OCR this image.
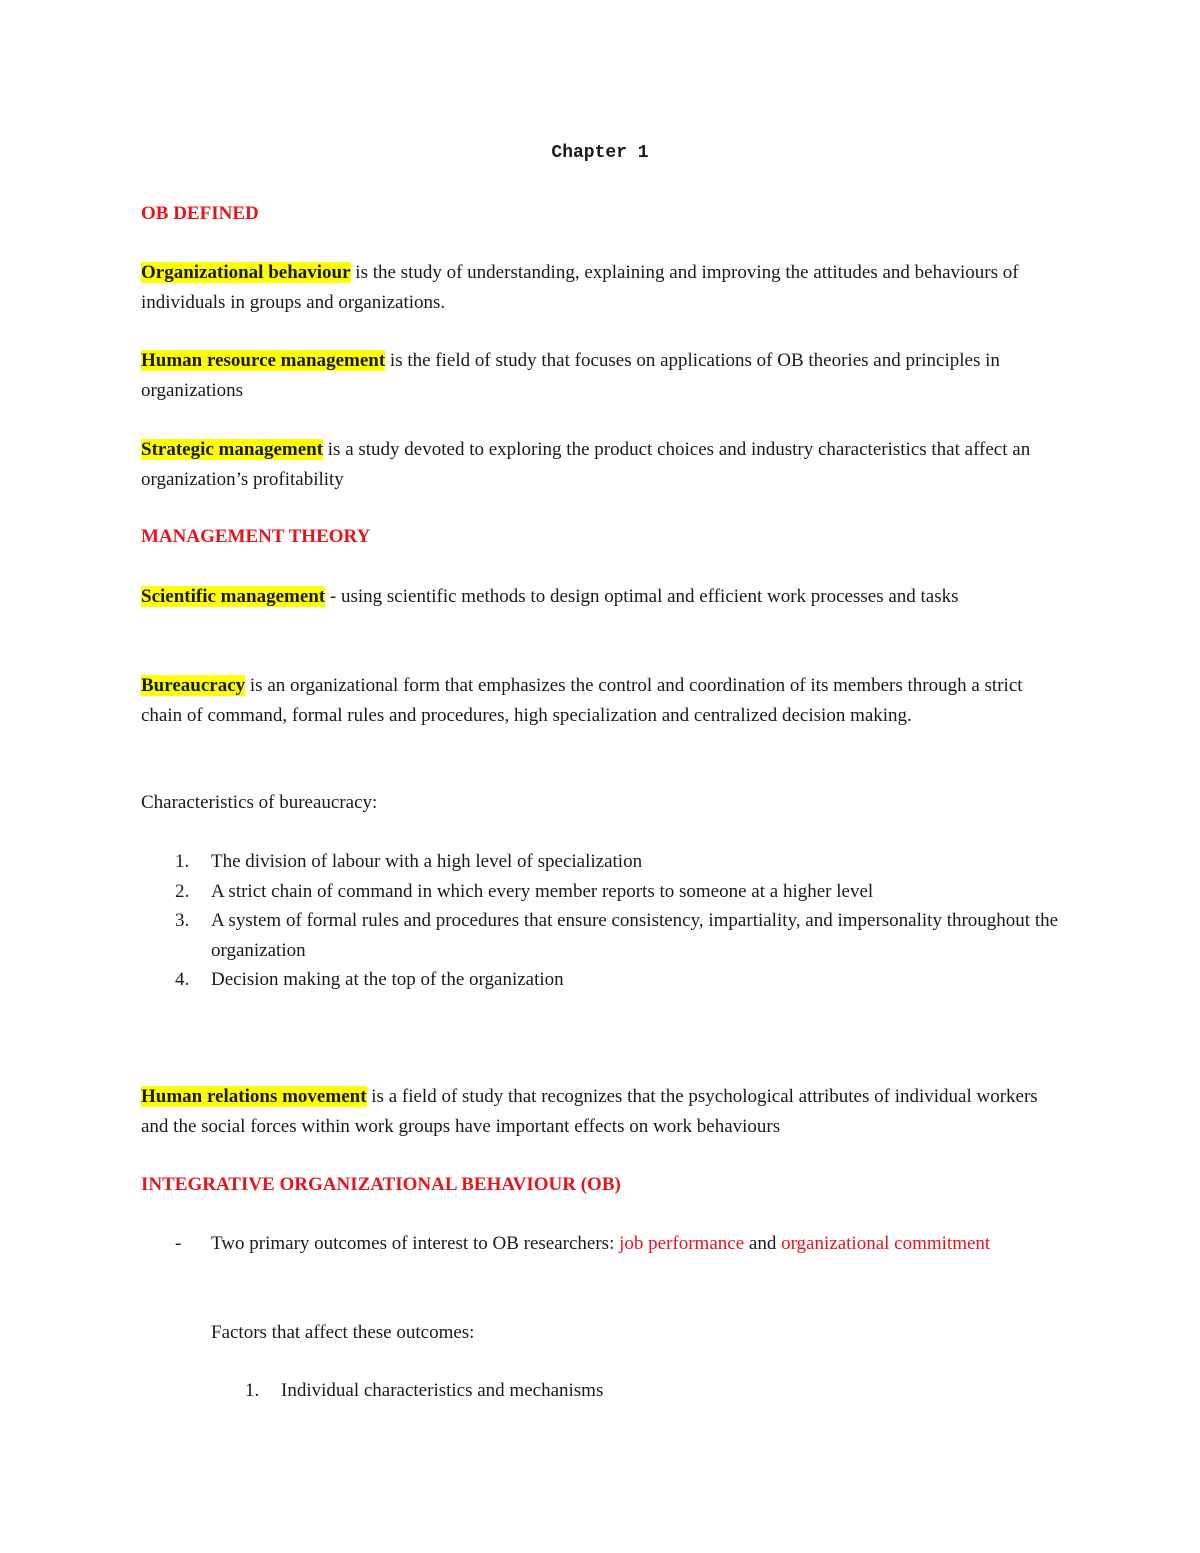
Chapter 1

OB DEFINED

Organizational behaviour is the study of understanding, explaining and improving the attitudes and behaviours of individuals in groups and organizations.

Human resource management is the field of study that focuses on applications of OB theories and principles in organizations

Strategic management is a study devoted to exploring the product choices and industry characteristics that affect an organization’s profitability

MANAGEMENT THEORY

Scientific management - using scientific methods to design optimal and efficient work processes and tasks

Bureaucracy is an organizational form that emphasizes the control and coordination of its members through a strict chain of command, formal rules and procedures, high specialization and centralized decision making.

Characteristics of bureaucracy:

1. The division of labour with a high level of specialization
2. A strict chain of command in which every member reports to someone at a higher level
3. A system of formal rules and procedures that ensure consistency, impartiality, and impersonality throughout the organization
4. Decision making at the top of the organization

Human relations movement is a field of study that recognizes that the psychological attributes of individual workers and the social forces within work groups have important effects on work behaviours

INTEGRATIVE ORGANIZATIONAL BEHAVIOUR (OB)

-	Two primary outcomes of interest to OB researchers: job performance and organizational commitment

Factors that affect these outcomes:

1. Individual characteristics and mechanisms
